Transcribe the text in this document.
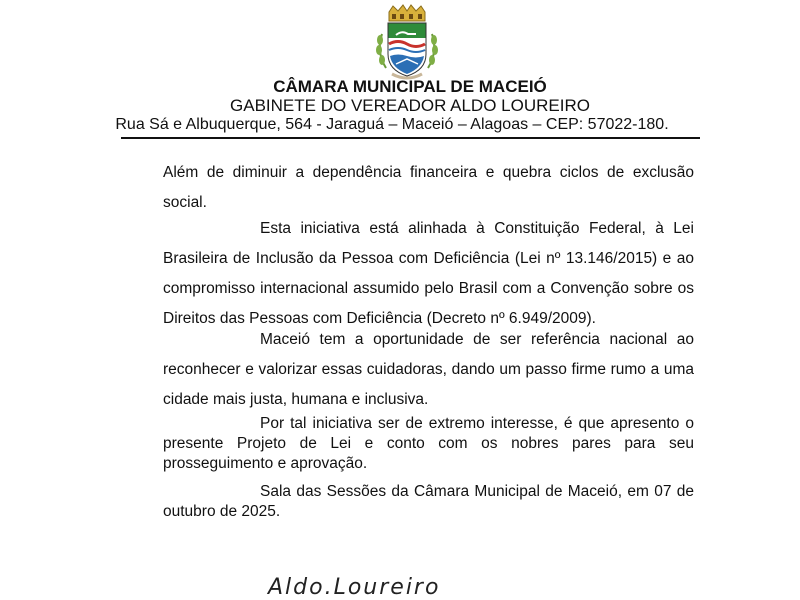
CÂMARA MUNICIPAL DE MACEIÓ
GABINETE DO VEREADOR ALDO LOUREIRO
Rua Sá e Albuquerque, 564 - Jaraguá – Maceió – Alagoas – CEP: 57022-180.

Além de diminuir a dependência financeira e quebra ciclos de exclusão social.

Esta iniciativa está alinhada à Constituição Federal, à Lei Brasileira de Inclusão da Pessoa com Deficiência (Lei nº 13.146/2015) e ao compromisso internacional assumido pelo Brasil com a Convenção sobre os Direitos das Pessoas com Deficiência (Decreto nº 6.949/2009).

Maceió tem a oportunidade de ser referência nacional ao reconhecer e valorizar essas cuidadoras, dando um passo firme rumo a uma cidade mais justa, humana e inclusiva.

Por tal iniciativa ser de extremo interesse, é que apresento o presente Projeto de Lei e conto com os nobres pares para seu prosseguimento e aprovação.

Sala das Sessões da Câmara Municipal de Maceió, em 07 de outubro de 2025.

Aldo.Loureiro
